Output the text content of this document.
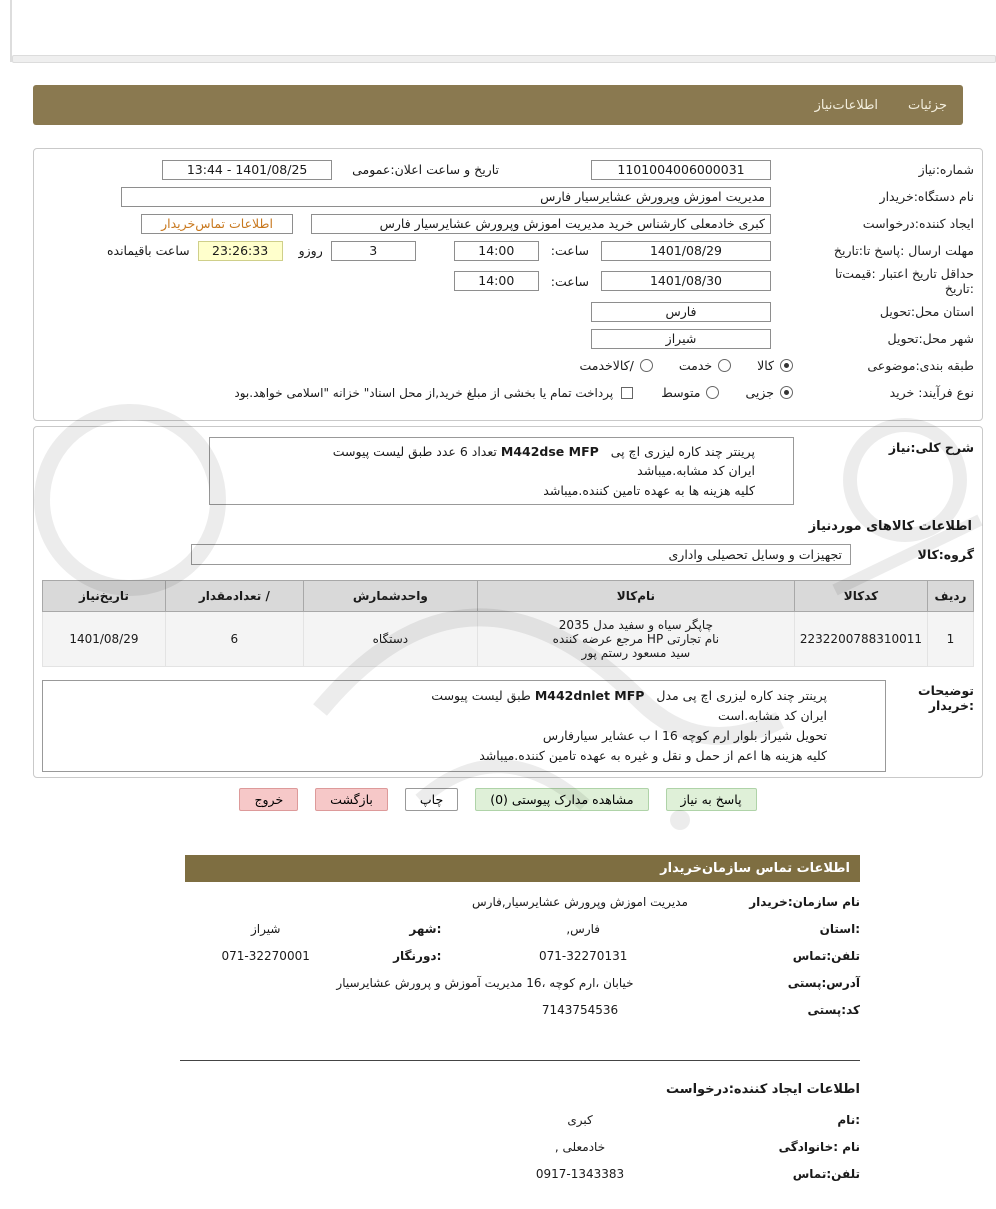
جزئیات
اطلاعات‌نیاز
شماره:نیاز
1101004006000031
تاریخ و ساعت اعلان:عمومی
1401/08/25 - 13:44
نام دستگاه:خریدار
مدیریت اموزش وپرورش عشایرسیار فارس
ایجاد کننده:درخواست
کبری خادمعلی کارشناس خرید مدیریت اموزش وپرورش عشایرسیار فارس
اطلاعات تماس‌خریدار
مهلت ارسال :پاسخ تا:تاریخ
1401/08/29
ساعت:
14:00
3
روزو
23:26:33
ساعت باقیمانده
حداقل تاریخ اعتبار :قیمت‌تا :تاریخ
1401/08/30
ساعت:
14:00
استان محل:تحویل
فارس
شهر محل:تحویل
شیراز
طبقه بندی:موضوعی
کالا
خدمت
/کالاخدمت
نوع فرآیند: خرید
جزیی
متوسط
پرداخت تمام یا بخشی از مبلغ خرید,از محل اسناد" خزانه "اسلامی خواهد.بود
شرح کلی:نیاز
پرینتر چند کاره لیزری اچ پی   M442dse MFP تعداد 6 عدد طبق لیست پیوست
ایران کد مشابه.میباشد
کلیه هزینه ها به عهده تامین کننده.میباشد
اطلاعات کالاهای موردنیاز
گروه:کالا
تجهیزات و وسایل تحصیلی واداری
ردیف	کدکالا	نام‌کالا	واحدشمارش	/ تعدادمقدار	تاریخ‌نیاز
1	2232200788310011	چاپگر سیاه و سفید مدل 2035
نام تجارتی HP مرجع عرضه کننده
سید مسعود رستم پور	دستگاه	6	1401/08/29
توضیحات :خریدار
پرینتر چند کاره لیزری اچ پی مدل   M442dnlet MFP طبق لیست پیوست
ایران کد مشابه.است
تحویل شیراز بلوار ارم کوچه 16 ا ب عشایر سیارفارس
کلیه هزینه ها اعم از حمل و نقل و غیره به عهده تامین کننده.میباشد
پاسخ به نیاز
مشاهده مدارک پیوستی (0)
چاپ
بازگشت
خروج
اطلاعات تماس سازمان‌خریدار
نام سازمان:خریدار
مدیریت اموزش وپرورش عشایرسیار,فارس
:استان
فارس,
:شهر
شیراز
تلفن:تماس
071-32270131
:دورنگار
071-32270001
آدرس:پستی
خیابان ،ارم کوچه ،16 مدیریت آموزش و پرورش عشایرسیار
کد:پستی
7143754536
اطلاعات ایجاد کننده:درخواست
:نام
کبری
نام :خانوادگی
خادمعلی ,
تلفن:تماس
0917-1343383
